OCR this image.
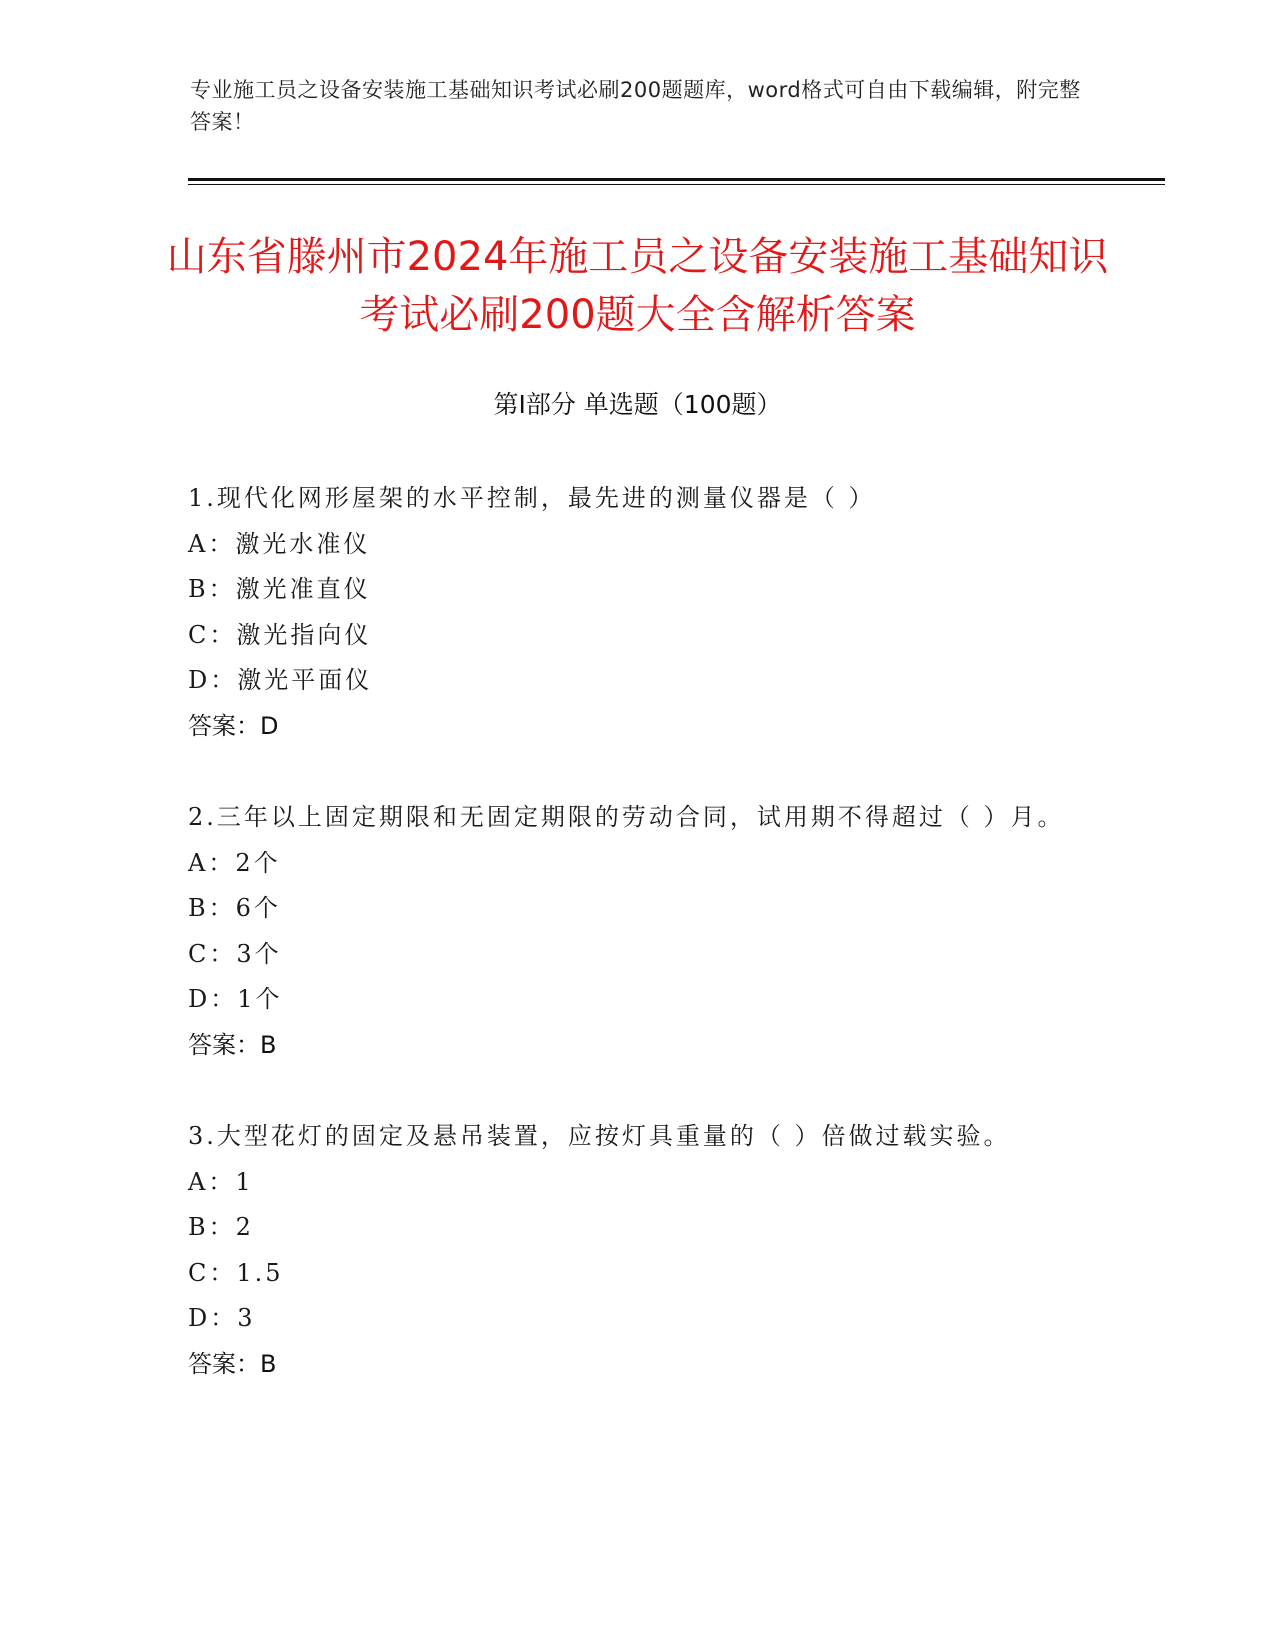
专业施工员之设备安装施工基础知识考试必刷200题题库，word格式可自由下载编辑，附完整答案！
山东省滕州市2024年施工员之设备安装施工基础知识考试必刷200题大全含解析答案
第Ⅰ部分 单选题（100题）
1.现代化网形屋架的水平控制，最先进的测量仪器是（ ）
A：激光水准仪
B：激光准直仪
C：激光指向仪
D：激光平面仪
答案：D
2.三年以上固定期限和无固定期限的劳动合同，试用期不得超过（ ）月。
A：2个
B：6个
C：3个
D：1个
答案：B
3.大型花灯的固定及悬吊装置，应按灯具重量的（ ）倍做过载实验。
A：1
B：2
C：1.5
D：3
答案：B
